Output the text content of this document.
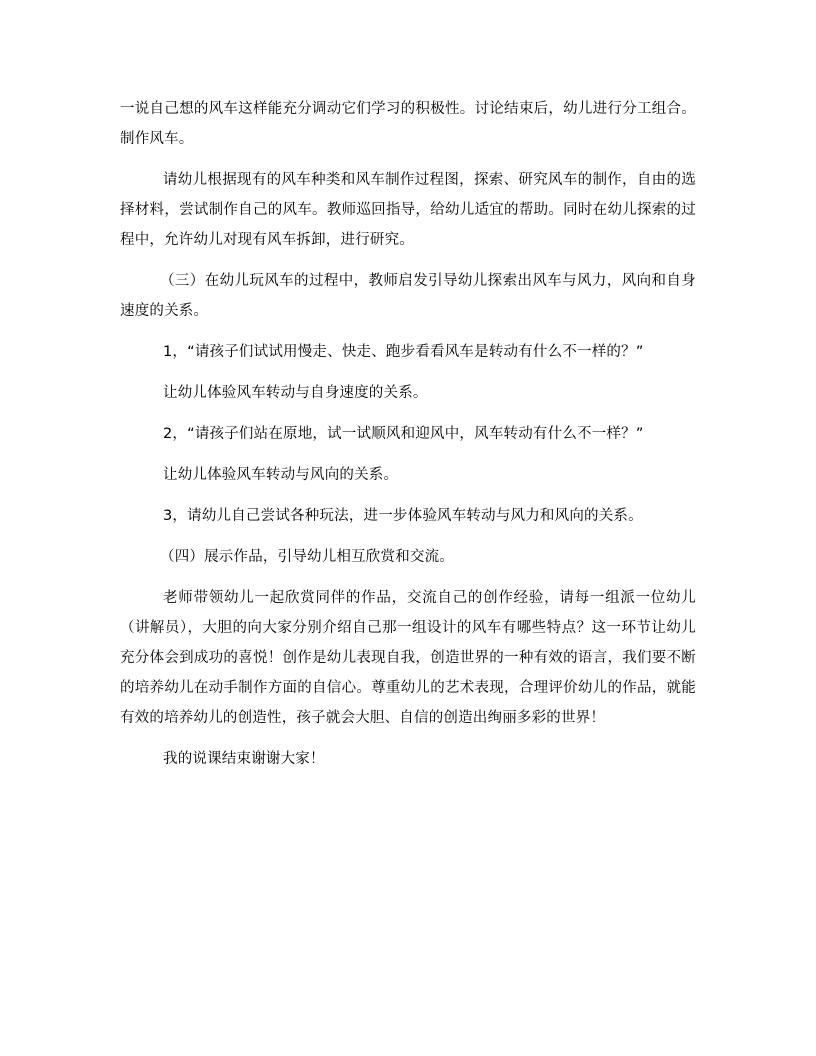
一说自己想的风车这样能充分调动它们学习的积极性。讨论结束后，幼儿进行分工组合。制作风车。

请幼儿根据现有的风车种类和风车制作过程图，探索、研究风车的制作，自由的选择材料，尝试制作自己的风车。教师巡回指导，给幼儿适宜的帮助。同时在幼儿探索的过程中，允许幼儿对现有风车拆卸，进行研究。

（三）在幼儿玩风车的过程中，教师启发引导幼儿探索出风车与风力，风向和自身速度的关系。

1，“请孩子们试试用慢走、快走、跑步看看风车是转动有什么不一样的？”

让幼儿体验风车转动与自身速度的关系。

2，“请孩子们站在原地，试一试顺风和迎风中，风车转动有什么不一样？”

让幼儿体验风车转动与风向的关系。

3，请幼儿自己尝试各种玩法，进一步体验风车转动与风力和风向的关系。

（四）展示作品，引导幼儿相互欣赏和交流。

老师带领幼儿一起欣赏同伴的作品，交流自己的创作经验，请每一组派一位幼儿（讲解员），大胆的向大家分别介绍自己那一组设计的风车有哪些特点？这一环节让幼儿充分体会到成功的喜悦！创作是幼儿表现自我，创造世界的一种有效的语言，我们要不断的培养幼儿在动手制作方面的自信心。尊重幼儿的艺术表现，合理评价幼儿的作品，就能有效的培养幼儿的创造性，孩子就会大胆、自信的创造出绚丽多彩的世界！

我的说课结束谢谢大家！
